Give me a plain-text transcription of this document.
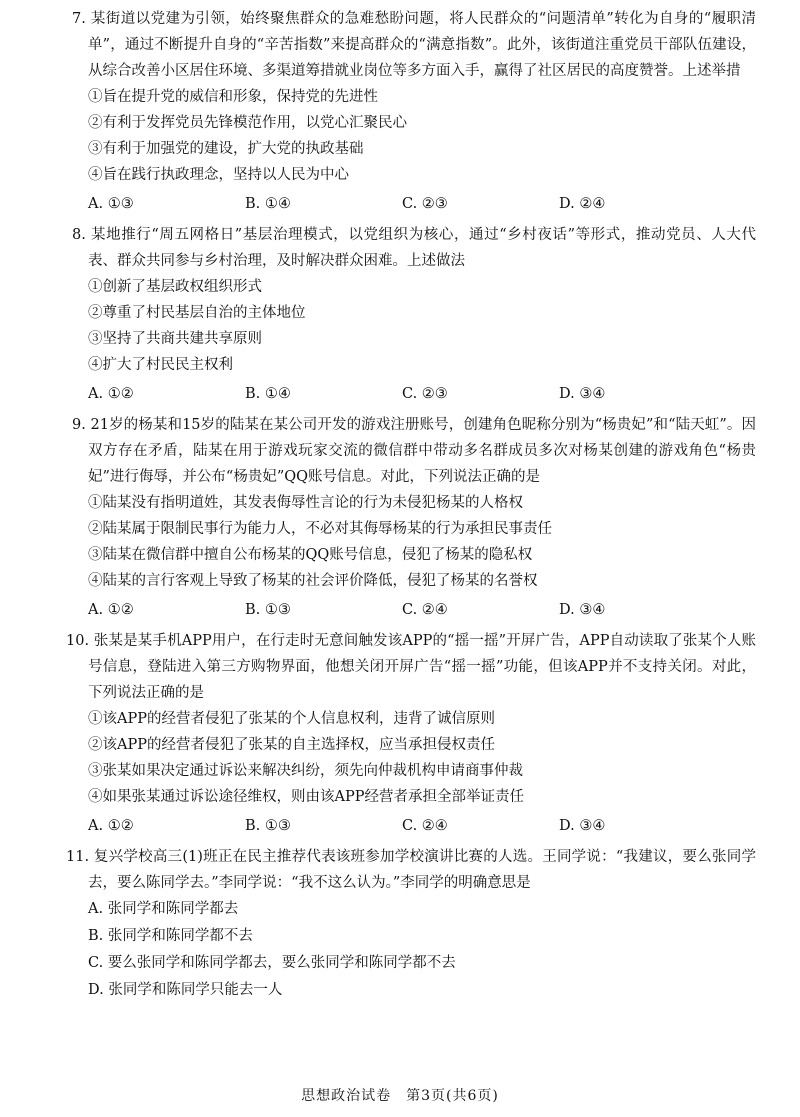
7. 某街道以党建为引领，始终聚焦群众的急难愁盼问题，将人民群众的“问题清单”转化为自身的“履职清单”，通过不断提升自身的“辛苦指数”来提高群众的“满意指数”。此外，该街道注重党员干部队伍建设，从综合改善小区居住环境、多渠道筹措就业岗位等多方面入手，赢得了社区居民的高度赞誉。上述举措

①旨在提升党的威信和形象，保持党的先进性

②有利于发挥党员先锋模范作用，以党心汇聚民心

③有利于加强党的建设，扩大党的执政基础

④旨在践行执政理念，坚持以人民为中心

A. ①③	B. ①④	C. ②③	D. ②④

8. 某地推行“周五网格日”基层治理模式，以党组织为核心，通过“乡村夜话”等形式，推动党员、人大代表、群众共同参与乡村治理，及时解决群众困难。上述做法

①创新了基层政权组织形式

②尊重了村民基层自治的主体地位

③坚持了共商共建共享原则

④扩大了村民民主权利

A. ①②	B. ①④	C. ②③	D. ③④

9. 21岁的杨某和15岁的陆某在某公司开发的游戏注册账号，创建角色昵称分别为“杨贵妃”和“陆天虹”。因双方存在矛盾，陆某在用于游戏玩家交流的微信群中带动多名群成员多次对杨某创建的游戏角色“杨贵妃”进行侮辱，并公布“杨贵妃”QQ账号信息。对此，下列说法正确的是

①陆某没有指明道姓，其发表侮辱性言论的行为未侵犯杨某的人格权

②陆某属于限制民事行为能力人，不必对其侮辱杨某的行为承担民事责任

③陆某在微信群中擅自公布杨某的QQ账号信息，侵犯了杨某的隐私权

④陆某的言行客观上导致了杨某的社会评价降低，侵犯了杨某的名誉权

A. ①②	B. ①③	C. ②④	D. ③④

10. 张某是某手机APP用户，在行走时无意间触发该APP的“摇一摇”开屏广告，APP自动读取了张某个人账号信息，登陆进入第三方购物界面，他想关闭开屏广告“摇一摇”功能，但该APP并不支持关闭。对此，下列说法正确的是

①该APP的经营者侵犯了张某的个人信息权利，违背了诚信原则

②该APP的经营者侵犯了张某的自主选择权，应当承担侵权责任

③张某如果决定通过诉讼来解决纠纷，须先向仲裁机构申请商事仲裁

④如果张某通过诉讼途径维权，则由该APP经营者承担全部举证责任

A. ①②	B. ①③	C. ②④	D. ③④

11. 复兴学校高三(1)班正在民主推荐代表该班参加学校演讲比赛的人选。王同学说：“我建议，要么张同学去，要么陈同学去。”李同学说：“我不这么认为。”李同学的明确意思是

A. 张同学和陈同学都去
B. 张同学和陈同学都不去
C. 要么张同学和陈同学都去，要么张同学和陈同学都不去
D. 张同学和陈同学只能去一人
思想政治试卷　第3页(共6页)
